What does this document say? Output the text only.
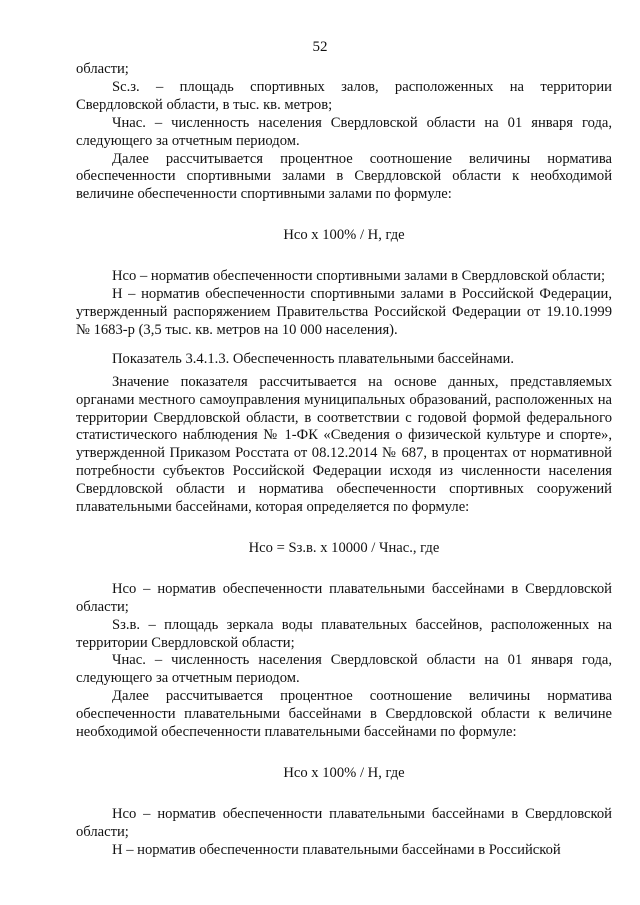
52

области;

Sc.з. – площадь спортивных залов, расположенных на территории Свердловской области, в тыс. кв. метров;

Чнас. – численность населения Свердловской области на 01 января года, следующего за отчетным периодом.

Далее рассчитывается процентное соотношение величины норматива обеспеченности спортивными залами в Свердловской области к необходимой величине обеспеченности спортивными залами по формуле:

Нсо x 100% / Н, где

Нсо – норматив обеспеченности спортивными залами в Свердловской области;

Н – норматив обеспеченности спортивными залами в Российской Федерации, утвержденный распоряжением Правительства Российской Федерации от 19.10.1999 № 1683-р (3,5 тыс. кв. метров на 10 000 населения).

Показатель 3.4.1.3. Обеспеченность плавательными бассейнами.

Значение показателя рассчитывается на основе данных, представляемых органами местного самоуправления муниципальных образований, расположенных на территории Свердловской области, в соответствии с годовой формой федерального статистического наблюдения № 1-ФК «Сведения о физической культуре и спорте», утвержденной Приказом Росстата от 08.12.2014 № 687, в процентах от нормативной потребности субъектов Российской Федерации исходя из численности населения Свердловской области и норматива обеспеченности спортивных сооружений плавательными бассейнами, которая определяется по формуле:

Нсо = Sз.в. x 10000 / Чнас., где

Нсо – норматив обеспеченности плавательными бассейнами в Свердловской области;

Sз.в. – площадь зеркала воды плавательных бассейнов, расположенных на территории Свердловской области;

Чнас. – численность населения Свердловской области на 01 января года, следующего за отчетным периодом.

Далее рассчитывается процентное соотношение величины норматива обеспеченности плавательными бассейнами в Свердловской области к величине необходимой обеспеченности плавательными бассейнами по формуле:

Нсо x 100% / Н, где

Нсо – норматив обеспеченности плавательными бассейнами в Свердловской области;

Н – норматив обеспеченности плавательными бассейнами в Российской
